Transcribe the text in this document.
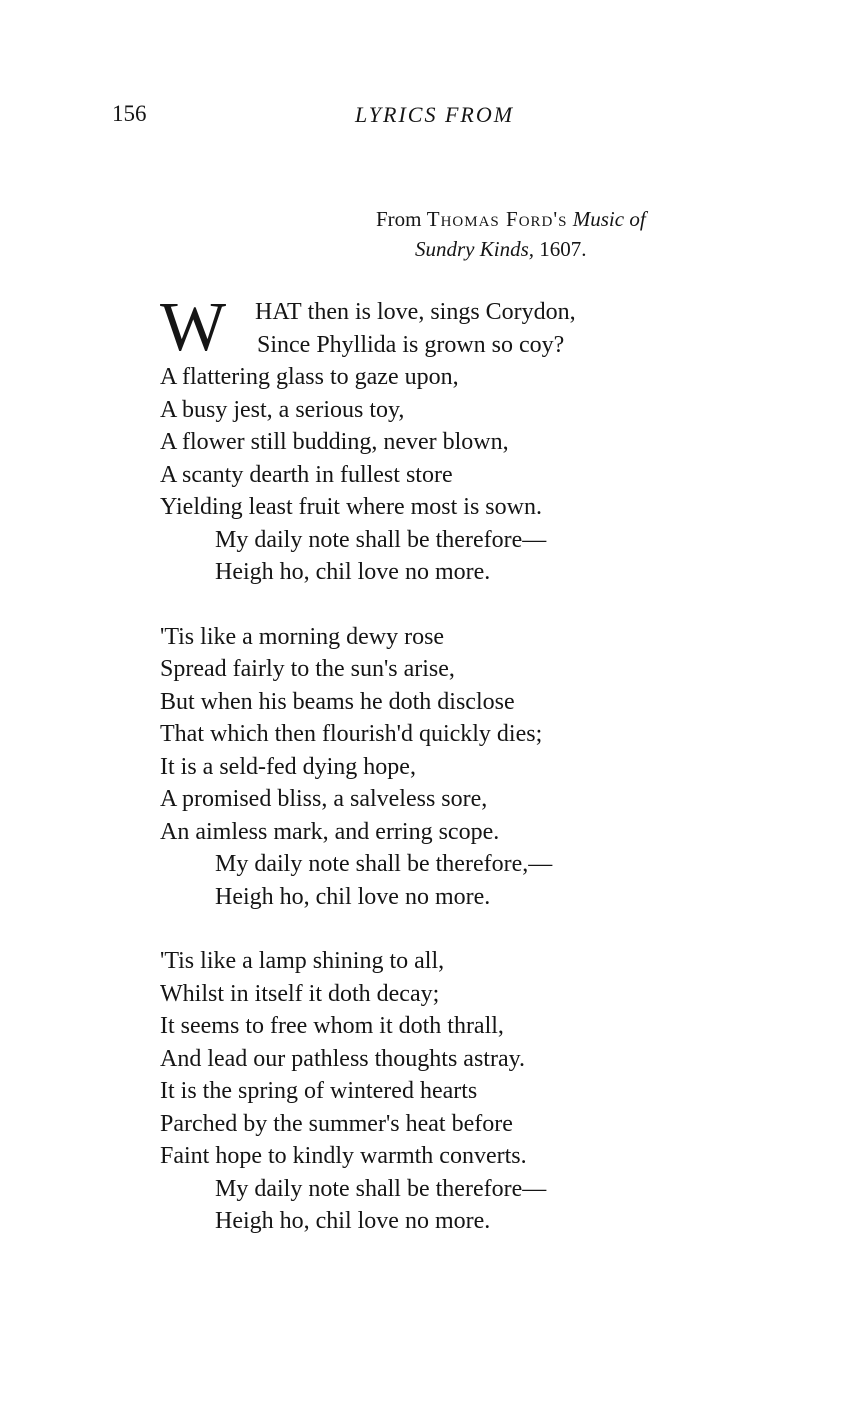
156	LYRICS FROM
From Thomas Ford's Music of
Sundry Kinds, 1607.
W	HAT then is love, sings Corydon,
Since Phyllida is grown so coy?
A flattering glass to gaze upon,
A busy jest, a serious toy,
A flower still budding, never blown,
A scanty dearth in fullest store
Yielding least fruit where most is sown.
My daily note shall be therefore—
Heigh ho, chil love no more.
'Tis like a morning dewy rose
Spread fairly to the sun's arise,
But when his beams he doth disclose
That which then flourish'd quickly dies;
It is a seld-fed dying hope,
A promised bliss, a salveless sore,
An aimless mark, and erring scope.
My daily note shall be therefore,—
Heigh ho, chil love no more.
'Tis like a lamp shining to all,
Whilst in itself it doth decay;
It seems to free whom it doth thrall,
And lead our pathless thoughts astray.
It is the spring of wintered hearts
Parched by the summer's heat before
Faint hope to kindly warmth converts.
My daily note shall be therefore—
Heigh ho, chil love no more.
